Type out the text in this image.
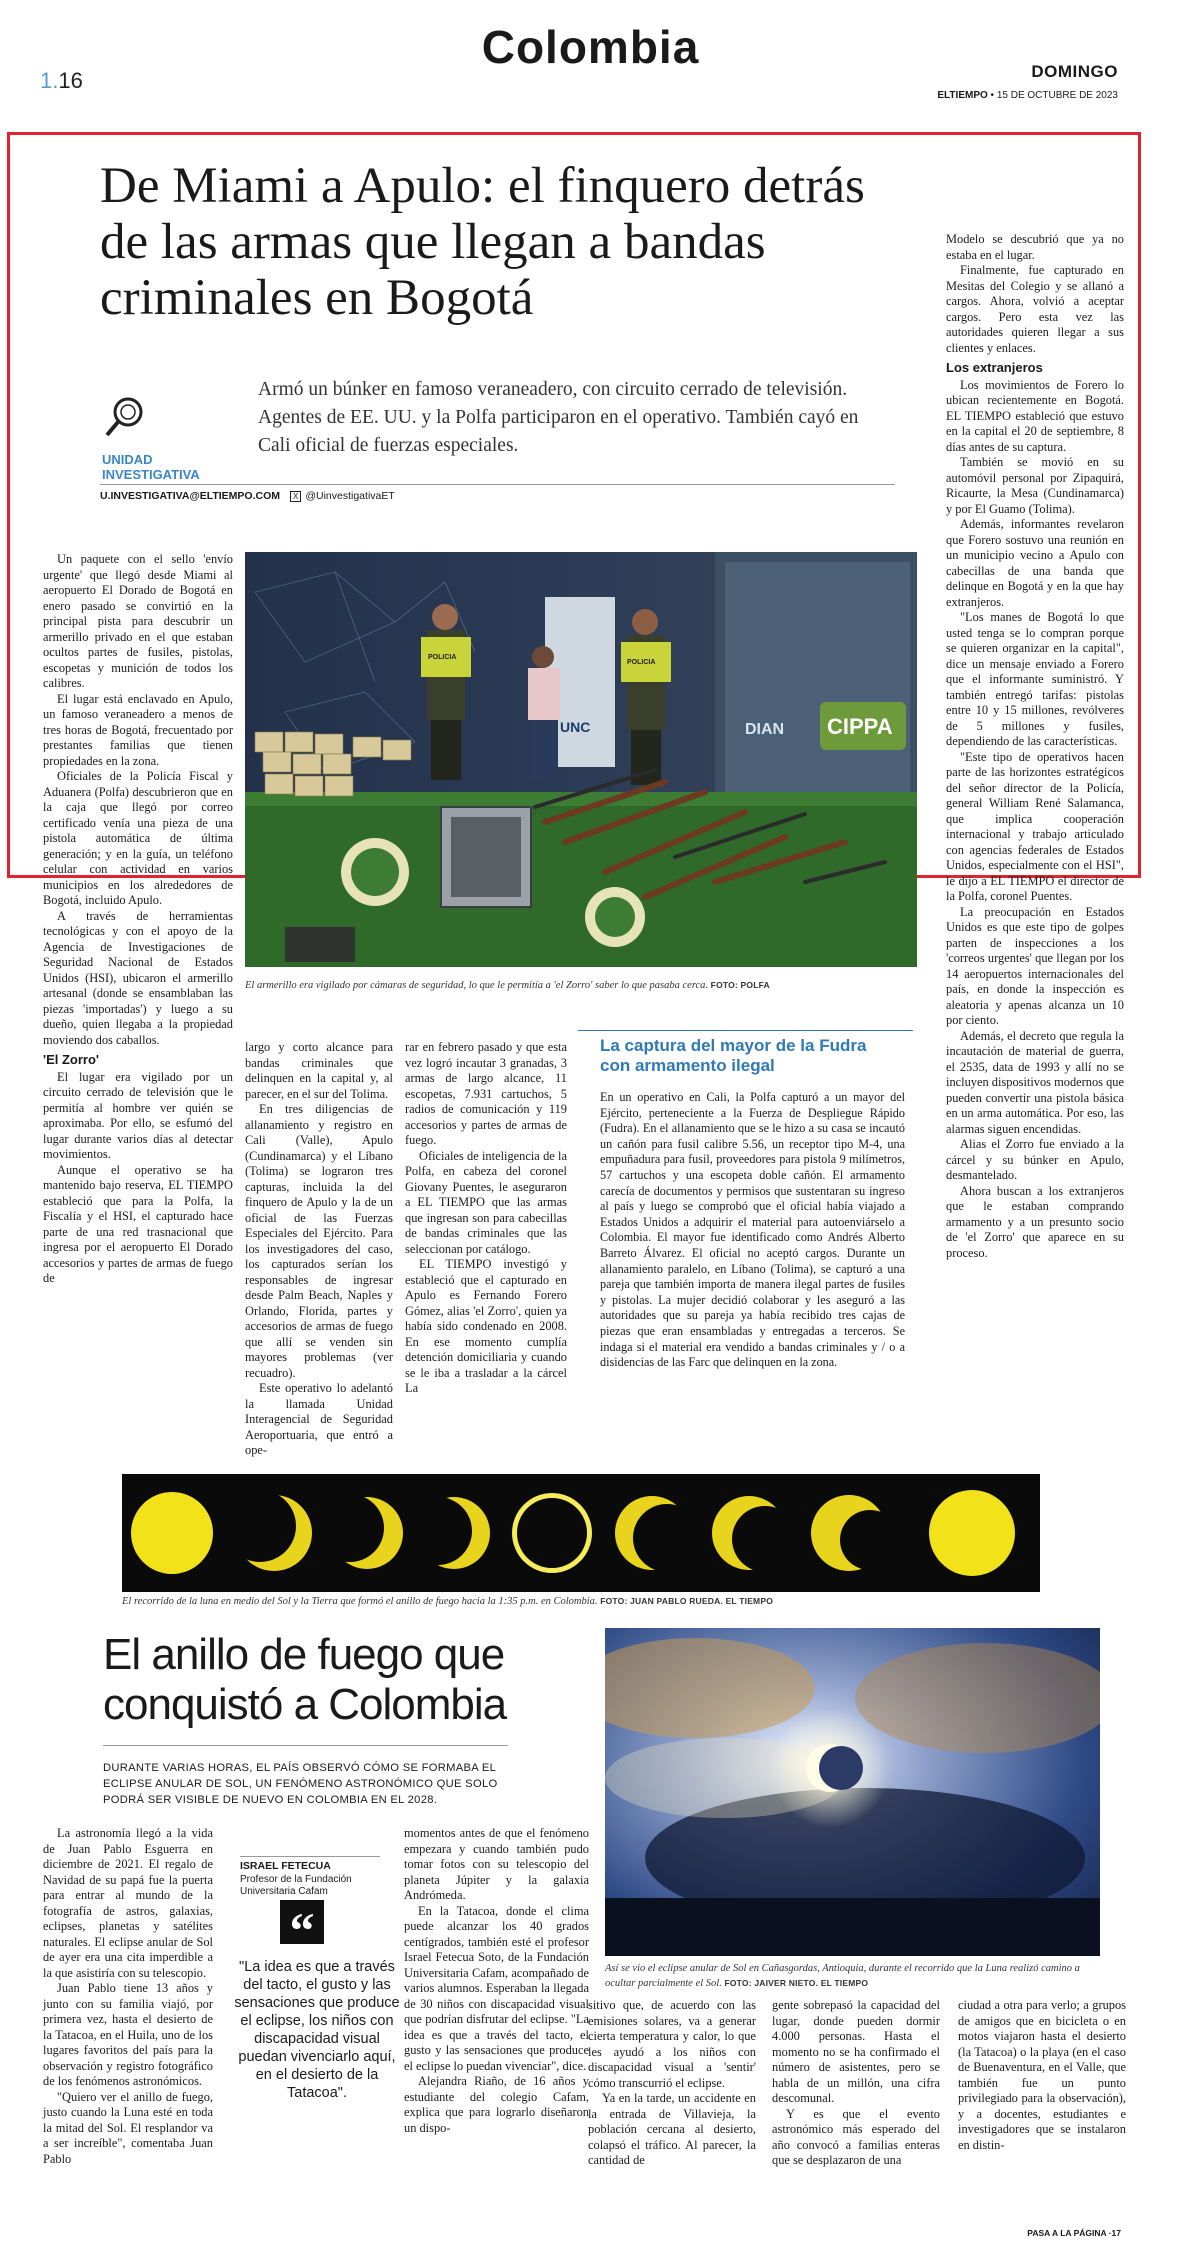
1.16
Colombia	DOMINGO
ELTIEMPO • 15 DE OCTUBRE DE 2023
De Miami a Apulo: el finquero detrás de las armas que llegan a bandas criminales en Bogotá
UNIDAD INVESTIGATIVA
Armó un búnker en famoso veraneadero, con circuito cerrado de televisión. Agentes de EE. UU. y la Polfa participaron en el operativo. También cayó en Cali oficial de fuerzas especiales.
U.INVESTIGATIVA@ELTIEMPO.COM	X @UinvestigativaET
DIAN CIPPA
UNC
POLICIA
POLICIA
El armerillo era vigilado por cámaras de seguridad, lo que le permitía a 'el Zorro' saber lo que pasaba cerca. FOTO: POLFA

Un paquete con el sello 'envío urgente' que llegó desde Miami al aeropuerto El Dorado de Bogotá en enero pasado se convirtió en la principal pista para descubrir un armerillo privado en el que estaban ocultos partes de fusiles, pistolas, escopetas y munición de todos los calibres.

El lugar está enclavado en Apulo, un famoso veraneadero a menos de tres horas de Bogotá, frecuentado por prestantes familias que tienen propiedades en la zona.

Oficiales de la Policía Fiscal y Aduanera (Polfa) descubrieron que en la caja que llegó por correo certificado venía una pieza de una pistola automática de última generación; y en la guía, un teléfono celular con actividad en varios municipios en los alrededores de Bogotá, incluido Apulo.

A través de herramientas tecnológicas y con el apoyo de la Agencia de Investigaciones de Seguridad Nacional de Estados Unidos (HSI), ubicaron el armerillo artesanal (donde se ensamblaban las piezas 'importadas') y luego a su dueño, quien llegaba a la propiedad moviendo dos caballos.

'El Zorro'

El lugar era vigilado por un circuito cerrado de televisión que le permitía al hombre ver quién se aproximaba. Por ello, se esfumó del lugar durante varios días al detectar movimientos.

Aunque el operativo se ha mantenido bajo reserva, EL TIEMPO estableció que para la Polfa, la Fiscalía y el HSI, el capturado hace parte de una red trasnacional que ingresa por el aeropuerto El Dorado accesorios y partes de armas de fuego de

largo y corto alcance para bandas criminales que delinquen en la capital y, al parecer, en el sur del Tolima.

En tres diligencias de allanamiento y registro en Cali (Valle), Apulo (Cundinamarca) y el Líbano (Tolima) se lograron tres capturas, incluida la del finquero de Apulo y la de un oficial de las Fuerzas Especiales del Ejército. Para los investigadores del caso, los capturados serían los responsables de ingresar desde Palm Beach, Naples y Orlando, Florida, partes y accesorios de armas de fuego que allí se venden sin mayores problemas (ver recuadro).

Este operativo lo adelantó la llamada Unidad Interagencial de Seguridad Aeroportuaria, que entró a ope-

rar en febrero pasado y que esta vez logró incautar 3 granadas, 3 armas de largo alcance, 11 escopetas, 7.931 cartuchos, 5 radios de comunicación y 119 accesorios y partes de armas de fuego.

Oficiales de inteligencia de la Polfa, en cabeza del coronel Giovany Puentes, le aseguraron a EL TIEMPO que las armas que ingresan son para cabecillas de bandas criminales que las seleccionan por catálogo.

EL TIEMPO investigó y estableció que el capturado en Apulo es Fernando Forero Gómez, alias 'el Zorro', quien ya había sido condenado en 2008. En ese momento cumplía detención domiciliaria y cuando se le iba a trasladar a la cárcel La

La captura del mayor de la Fudra con armamento ilegal

En un operativo en Cali, la Polfa capturó a un mayor del Ejército, perteneciente a la Fuerza de Despliegue Rápido (Fudra). En el allanamiento que se le hizo a su casa se incautó un cañón para fusil calibre 5.56, un receptor tipo M-4, una empuñadura para fusil, proveedores para pistola 9 milímetros, 57 cartuchos y una escopeta doble cañón. El armamento carecía de documentos y permisos que sustentaran su ingreso al país y luego se comprobó que el oficial había viajado a Estados Unidos a adquirir el material para autoenviárselo a Colombia. El mayor fue identificado como Andrés Alberto Barreto Álvarez. El oficial no aceptó cargos. Durante un allanamiento paralelo, en Líbano (Tolima), se capturó a una pareja que también importa de manera ilegal partes de fusiles y pistolas. La mujer decidió colaborar y les aseguró a las autoridades que su pareja ya había recibido tres cajas de piezas que eran ensambladas y entregadas a terceros. Se indaga si el material era vendido a bandas criminales y / o a disidencias de las Farc que delinquen en la zona.

Modelo se descubrió que ya no estaba en el lugar.

Finalmente, fue capturado en Mesitas del Colegio y se allanó a cargos. Ahora, volvió a aceptar cargos. Pero esta vez las autoridades quieren llegar a sus clientes y enlaces.

Los extranjeros

Los movimientos de Forero lo ubican recientemente en Bogotá. EL TIEMPO estableció que estuvo en la capital el 20 de septiembre, 8 días antes de su captura.

También se movió en su automóvil personal por Zipaquirá, Ricaurte, la Mesa (Cundinamarca) y por El Guamo (Tolima).

Además, informantes revelaron que Forero sostuvo una reunión en un municipio vecino a Apulo con cabecillas de una banda que delinque en Bogotá y en la que hay extranjeros.

"Los manes de Bogotá lo que usted tenga se lo compran porque se quieren organizar en la capital", dice un mensaje enviado a Forero que el informante suministró. Y también entregó tarifas: pistolas entre 10 y 15 millones, revólveres de 5 millones y fusiles, dependiendo de las características.

"Este tipo de operativos hacen parte de las horizontes estratégicos del señor director de la Policía, general William René Salamanca, que implica cooperación internacional y trabajo articulado con agencias federales de Estados Unidos, especialmente con el HSI", le dijo a EL TIEMPO el director de la Polfa, coronel Puentes.

La preocupación en Estados Unidos es que este tipo de golpes parten de inspecciones a los 'correos urgentes' que llegan por los 14 aeropuertos internacionales del país, en donde la inspección es aleatoria y apenas alcanza un 10 por ciento.

Además, el decreto que regula la incautación de material de guerra, el 2535, data de 1993 y allí no se incluyen dispositivos modernos que pueden convertir una pistola básica en un arma automática. Por eso, las alarmas siguen encendidas.

Alias el Zorro fue enviado a la cárcel y su búnker en Apulo, desmantelado.

Ahora buscan a los extranjeros que le estaban comprando armamento y a un presunto socio de 'el Zorro' que aparece en su proceso.

El recorrido de la luna en medio del Sol y la Tierra que formó el anillo de fuego hacia la 1:35 p.m. en Colombia. FOTO: JUAN PABLO RUEDA. EL TIEMPO
El anillo de fuego que conquistó a Colombia
DURANTE VARIAS HORAS, EL PAÍS OBSERVÓ CÓMO SE FORMABA EL ECLIPSE ANULAR DE SOL, UN FENÓMENO ASTRONÓMICO QUE SOLO PODRÁ SER VISIBLE DE NUEVO EN COLOMBIA EN EL 2028.
Así se vio el eclipse anular de Sol en Cañasgordas, Antioquia, durante el recorrido que la Luna realizó camino a ocultar parcialmente el Sol. FOTO: JAIVER NIETO. EL TIEMPO

La astronomía llegó a la vida de Juan Pablo Esguerra en diciembre de 2021. El regalo de Navidad de su papá fue la puerta para entrar al mundo de la fotografía de astros, galaxias, eclipses, planetas y satélites naturales. El eclipse anular de Sol de ayer era una cita imperdible a la que asistiría con su telescopio.

Juan Pablo tiene 13 años y junto con su familia viajó, por primera vez, hasta el desierto de la Tatacoa, en el Huila, uno de los lugares favoritos del país para la observación y registro fotográfico de los fenómenos astronómicos.

"Quiero ver el anillo de fuego, justo cuando la Luna esté en toda la mitad del Sol. El resplandor va a ser increíble", comentaba Juan Pablo

ISRAEL FETECUA
Profesor de la Fundación Universitaria Cafam
“
"La idea es que a través del tacto, el gusto y las sensaciones que produce el eclipse, los niños con discapacidad visual puedan vivenciarlo aquí, en el desierto de la Tatacoa".

momentos antes de que el fenómeno empezara y cuando también pudo tomar fotos con su telescopio del planeta Júpiter y la galaxia Andrómeda.

En la Tatacoa, donde el clima puede alcanzar los 40 grados centígrados, también esté el profesor Israel Fetecua Soto, de la Fundación Universitaria Cafam, acompañado de varios alumnos. Esperaban la llegada de 30 niños con discapacidad visual que podrían disfrutar del eclipse. "La idea es que a través del tacto, el gusto y las sensaciones que produce el eclipse lo puedan vivenciar", dice.

Alejandra Riaño, de 16 años y estudiante del colegio Cafam, explica que para lograrlo diseñaron un dispo-

sitivo que, de acuerdo con las emisiones solares, va a generar cierta temperatura y calor, lo que les ayudó a los niños con discapacidad visual a 'sentir' cómo transcurrió el eclipse.

Ya en la tarde, un accidente en la entrada de Villavieja, la población cercana al desierto, colapsó el tráfico. Al parecer, la cantidad de

gente sobrepasó la capacidad del lugar, donde pueden dormir 4.000 personas. Hasta el momento no se ha confirmado el número de asistentes, pero se habla de un millón, una cifra descomunal.

Y es que el evento astronómico más esperado del año convocó a familias enteras que se desplazaron de una

ciudad a otra para verlo; a grupos de amigos que en bicicleta o en motos viajaron hasta el desierto (la Tatacoa) o la playa (en el caso de Buenaventura, en el Valle, que también fue un punto privilegiado para la observación), y a docentes, estudiantes e investigadores que se instalaron en distin-

PASA A LA PÁGINA ·17
